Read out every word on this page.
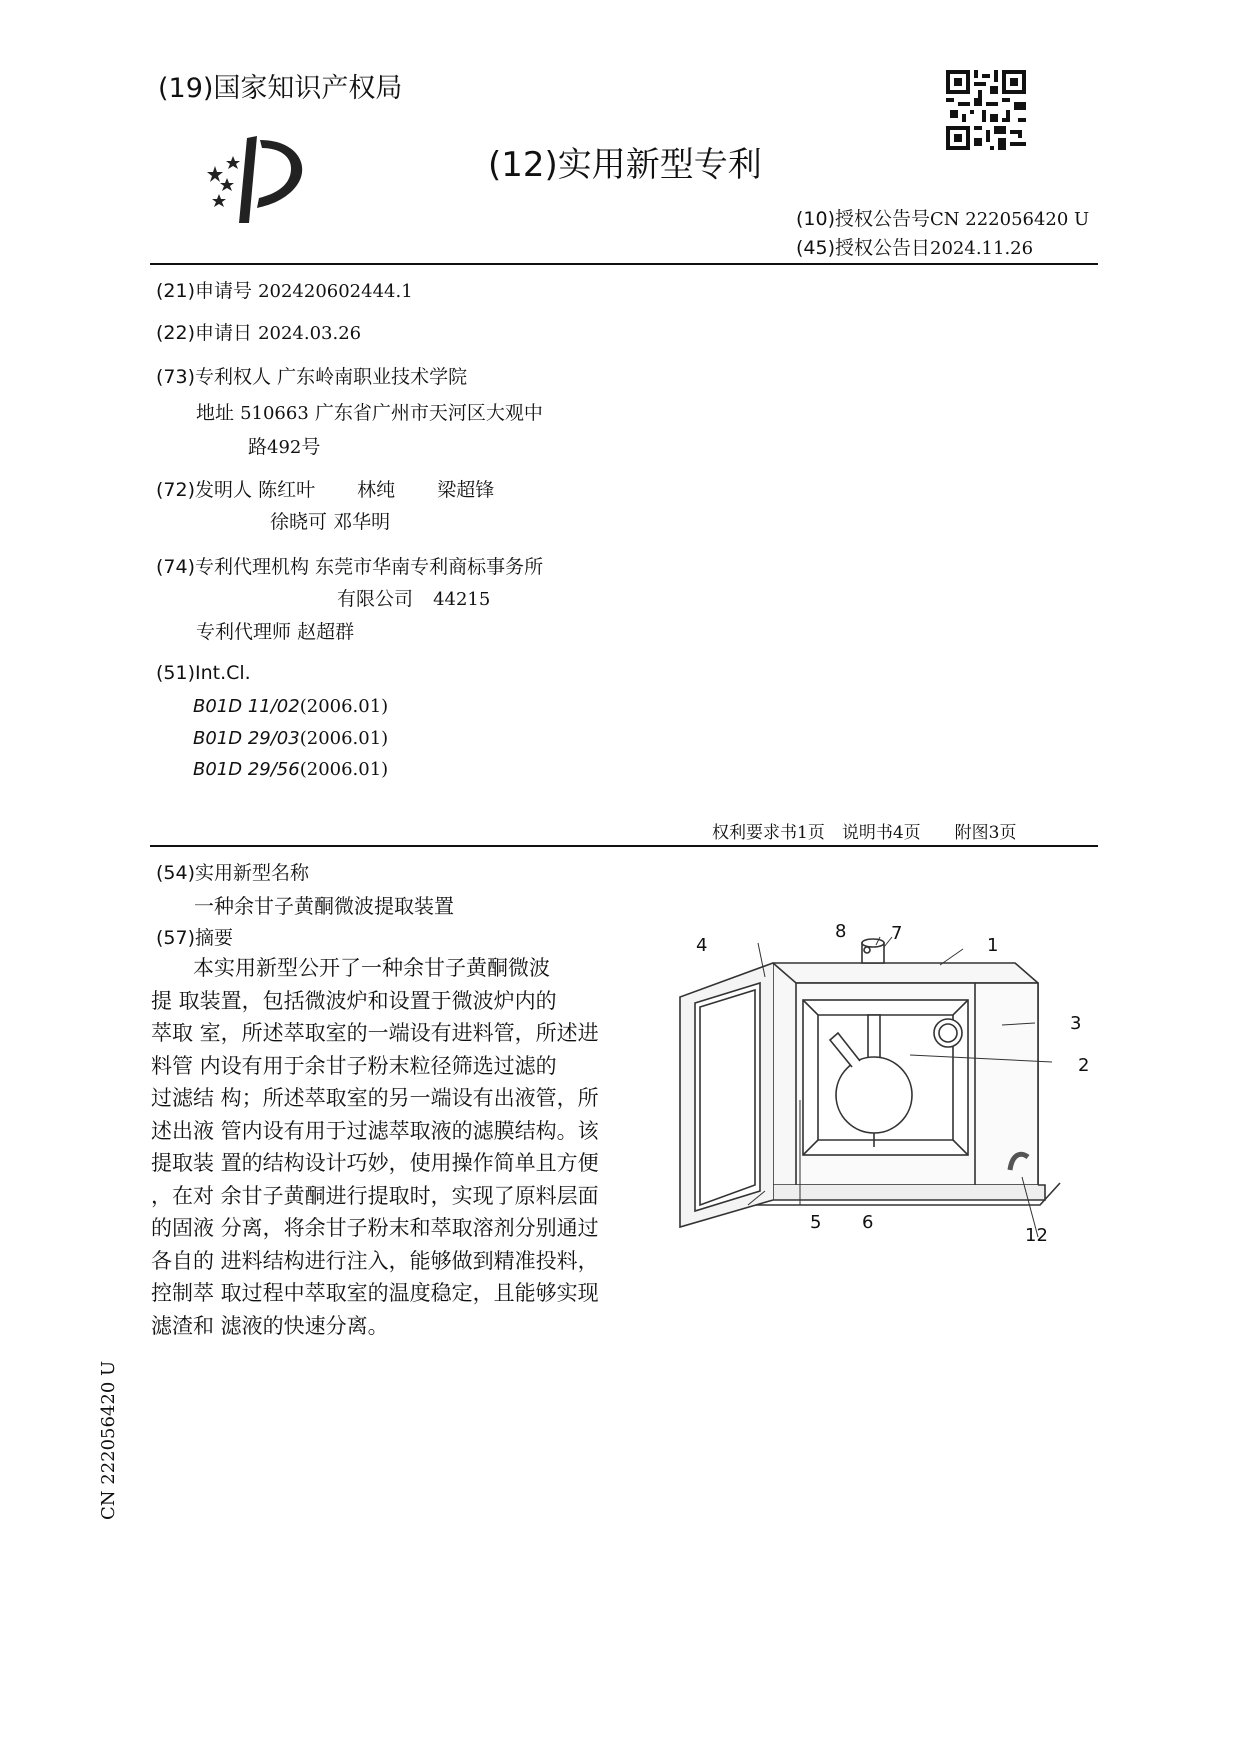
(19)国家知识产权局
(12)实用新型专利
(10)授权公告号CN 222056420 U
(45)授权公告日2024.11.26
(21)申请号 202420602444.1
(22)申请日 2024.03.26
(73)专利权人 广东岭南职业技术学院
地址 510663 广东省广州市天河区大观中
路492号
(72)发明人 陈红叶 林纯 梁超锋
徐晓可 邓华明
(74)专利代理机构 东莞市华南专利商标事务所
有限公司 44215
专利代理师 赵超群
(51)Int.Cl.
B01D 11/02(2006.01)
B01D 29/03(2006.01)
B01D 29/56(2006.01)
权利要求书1页　说明书4页　　附图3页
(54)实用新型名称
一种余甘子黄酮微波提取装置
(57)摘要
　　本实用新型公开了一种余甘子黄酮微波
提 取装置，包括微波炉和设置于微波炉内的
萃取 室，所述萃取室的一端设有进料管，所述进
料管 内设有用于余甘子粉末粒径筛选过滤的
过滤结 构；所述萃取室的另一端设有出液管，所
述出液 管内设有用于过滤萃取液的滤膜结构。该
提取装 置的结构设计巧妙，使用操作简单且方便
，在对 余甘子黄酮进行提取时，实现了原料层面
的固液 分离，将余甘子粉末和萃取溶剂分别通过
各自的 进料结构进行注入，能够做到精准投料，
控制萃 取过程中萃取室的温度稳定，且能够实现
滤渣和 滤液的快速分离。
8 7
1
4
3
2
5 6
12
CN 222056420 U
